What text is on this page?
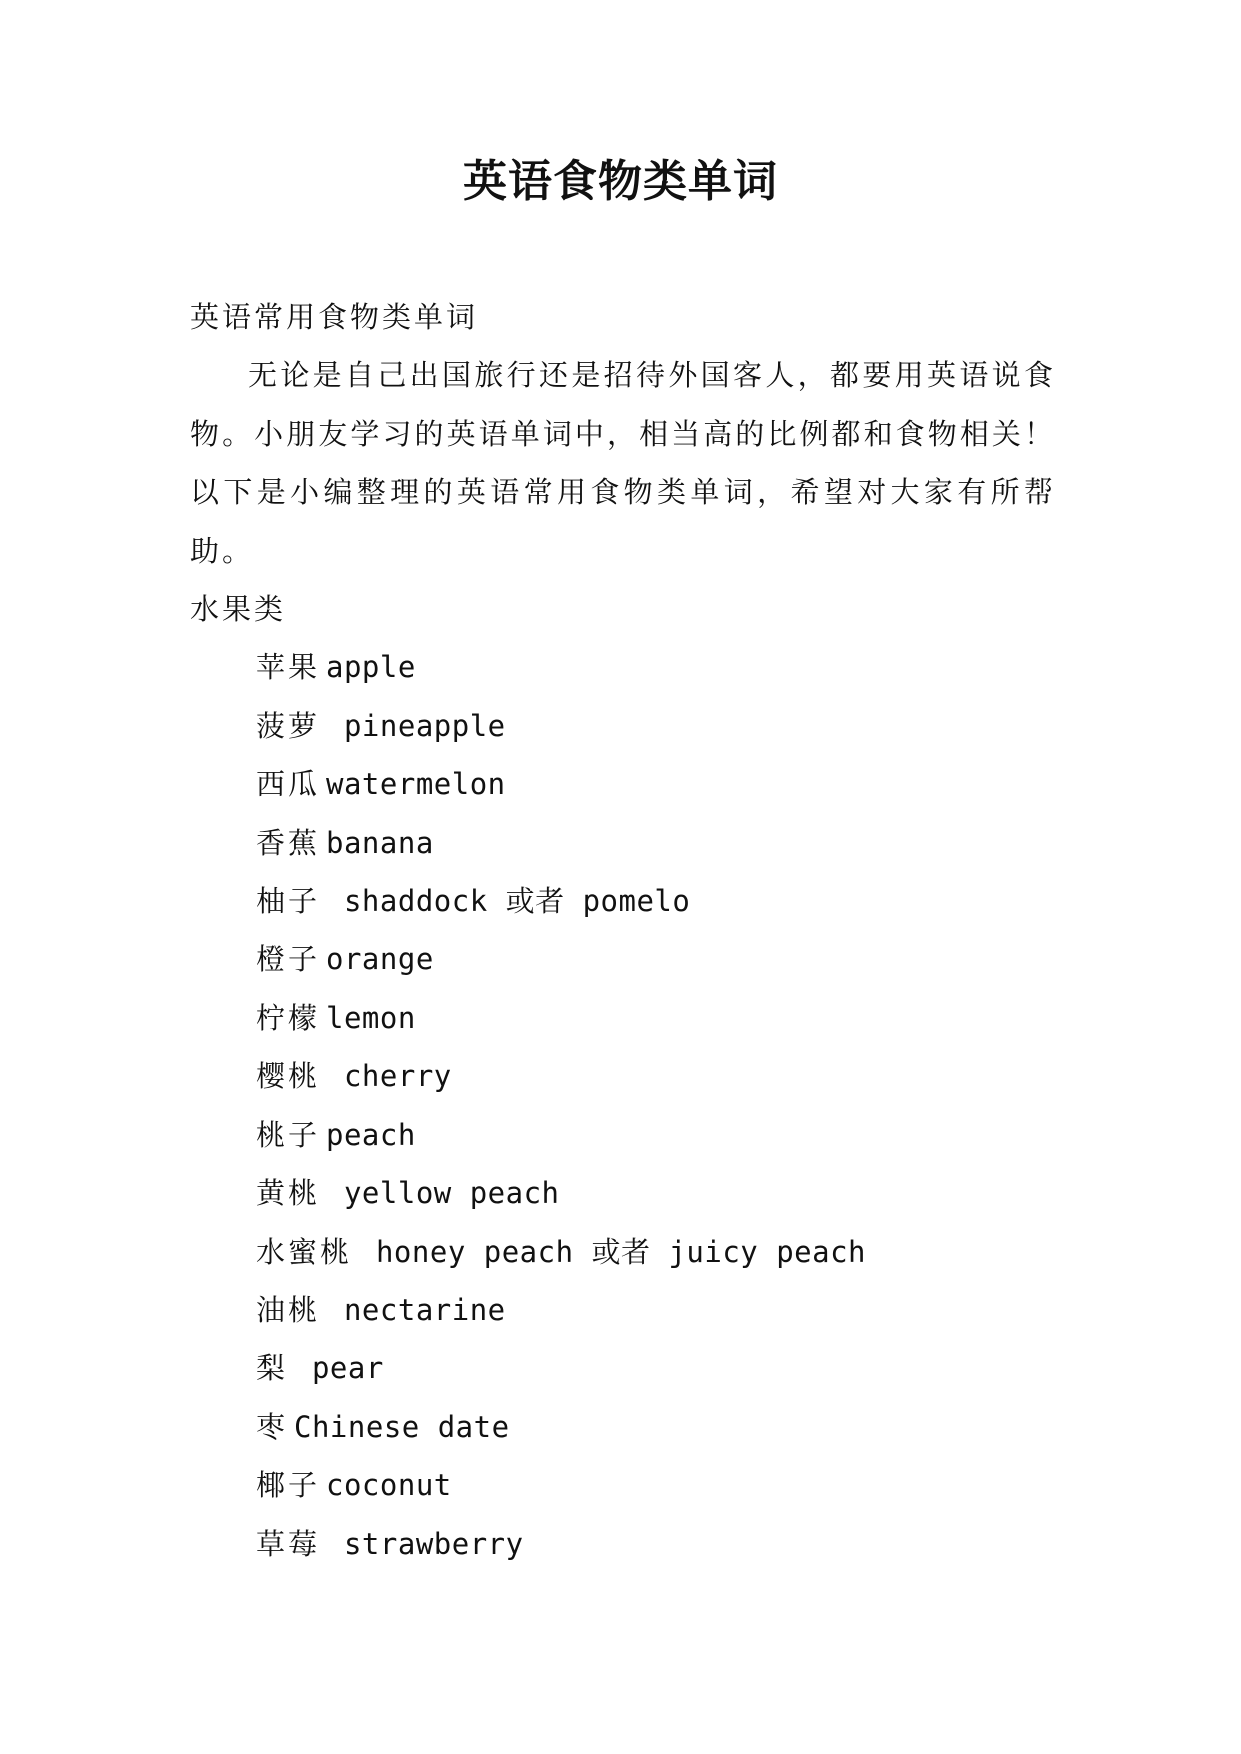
英语食物类单词

英语常用食物类单词

无论是自己出国旅行还是招待外国客人，都要用英语说食物。小朋友学习的英语单词中，相当高的比例都和食物相关！以下是小编整理的英语常用食物类单词，希望对大家有所帮助。

水果类

苹果 apple
菠萝 pineapple
西瓜 watermelon
香蕉 banana
柚子 shaddock 或者 pomelo
橙子 orange
柠檬 lemon
樱桃 cherry
桃子 peach
黄桃 yellow peach
水蜜桃 honey peach 或者 juicy peach
油桃 nectarine
梨 pear
枣 Chinese date
椰子 coconut
草莓 strawberry
